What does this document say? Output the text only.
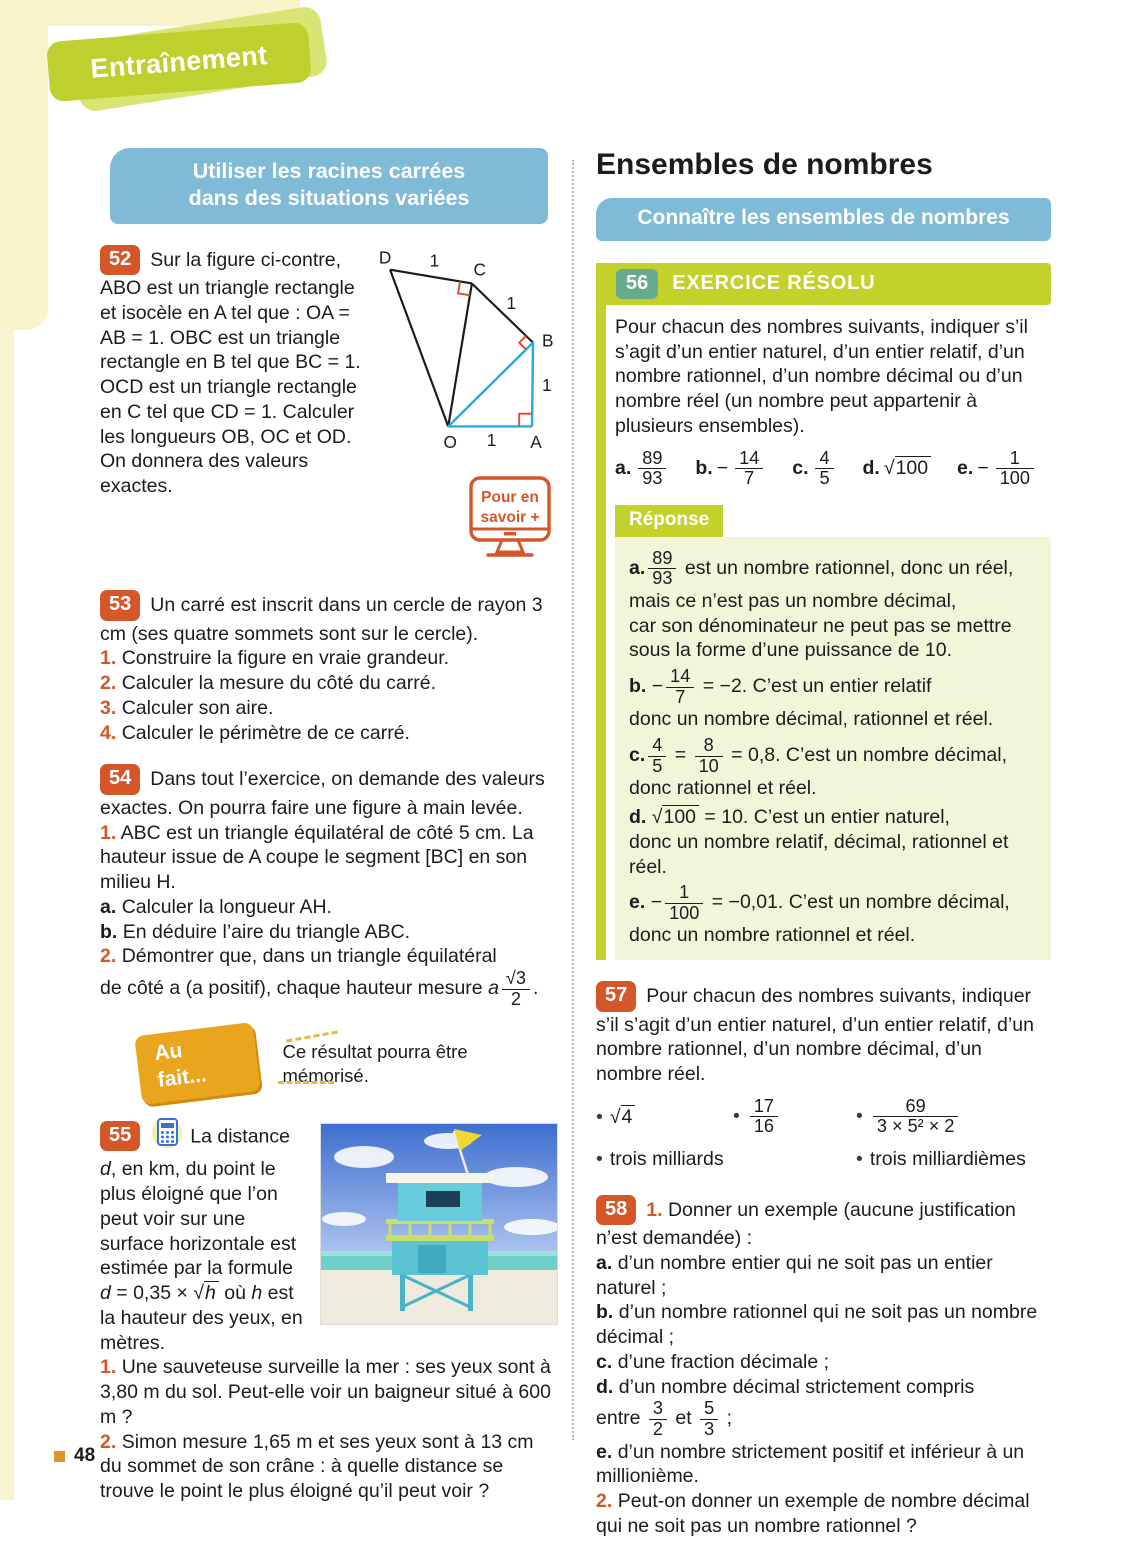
Entraînement
Utiliser les racines carrées
dans des situations variées
52 Sur la figure ci-contre, ABO est un triangle rectangle et isocèle en A tel que : OA = AB = 1. OBC est un triangle rectangle en B tel que BC = 1. OCD est un triangle rectangle en C tel que CD = 1. Calculer les longueurs OB, OC et OD. On donnera des valeurs exactes.
D
C
B
A
O
1
1
1
1
Pour en
savoir +

53 Un carré est inscrit dans un cercle de rayon 3 cm (ses quatre sommets sont sur le cercle).

1. Construire la figure en vraie grandeur.

2. Calculer la mesure du côté du carré.

3. Calculer son aire.

4. Calculer le périmètre de ce carré.

54 Dans tout l’exercice, on demande des valeurs exactes. On pourra faire une figure à main levée.

1. ABC est un triangle équilatéral de côté 5 cm. La hauteur issue de A coupe le segment [BC] en son milieu H.

a. Calculer la longueur AH.

b. En déduire l’aire du triangle ABC.

2. Démontrer que, dans un triangle équilatéral

de côté a (a positif), chaque hauteur mesure a $\frac{√3}{2}$ .

Au fait...
Ce résultat pourra être mémorisé.
55	La distance d, en km, du point le plus éloigné que l’on peut voir sur une surface horizontale est estimée par la formule d = 0,35 × √h où h est la hauteur des yeux, en mètres.

1. Une sauveteuse surveille la mer : ses yeux sont à 3,80 m du sol. Peut-elle voir un baigneur situé à 600 m ?

2. Simon mesure 1,65 m et ses yeux sont à 13 cm du sommet de son crâne : à quelle distance se trouve le point le plus éloigné qu’il peut voir ?

Ensembles de nombres
Connaître les ensembles de nombres
56	EXERCICE RÉSOLU

Pour chacun des nombres suivants, indiquer s’il s’agit d’un entier naturel, d’un entier relatif, d’un nombre rationnel, d’un nombre décimal ou d’un nombre réel (un nombre peut appartenir à plusieurs ensembles).

a. $\frac{89}{93} b$. − $\frac{14}{7} c$. $\frac{4}{5} d$. √100 e. − $\frac{1}{100}$
Réponse
a. $\frac{89}{93}$ est un nombre rationnel, donc un réel,
mais ce n’est pas un nombre décimal,
car son dénominateur ne peut pas se mettre sous la forme d’une puissance de 10.
b. − $\frac{14}{7} = -2$. C’est un entier relatif
donc un nombre décimal, rationnel et réel.
c. $\frac{4}{5} = \frac{8}{10} = 0,8$. C’est un nombre décimal,
donc rationnel et réel.
d. √100 = 10. C’est un entier naturel,
donc un nombre relatif, décimal, rationnel et réel.
e. − $\frac{1}{100} = -0,01$. C’est un nombre décimal,
donc un nombre rationnel et réel.

57 Pour chacun des nombres suivants, indiquer s’il s’agit d’un entier naturel, d’un entier relatif, d’un nombre rationnel, d’un nombre décimal, d’un nombre réel.

• √4	• $\frac{17}{16}$	• $\frac{69}{\text{3 × 5² × 2}}$
• trois milliards	• trois milliardièmes

58 1. Donner un exemple (aucune justification n’est demandée) :

a. d’un nombre entier qui ne soit pas un entier naturel ;

b. d’un nombre rationnel qui ne soit pas un nombre décimal ;

c. d’une fraction décimale ;

d. d’un nombre décimal strictement compris

entre $\frac{3}{2}$ et $\frac{5}{3}$ ;

e. d’un nombre strictement positif et inférieur à un millionième.

2. Peut-on donner un exemple de nombre décimal qui ne soit pas un nombre rationnel ?

48
